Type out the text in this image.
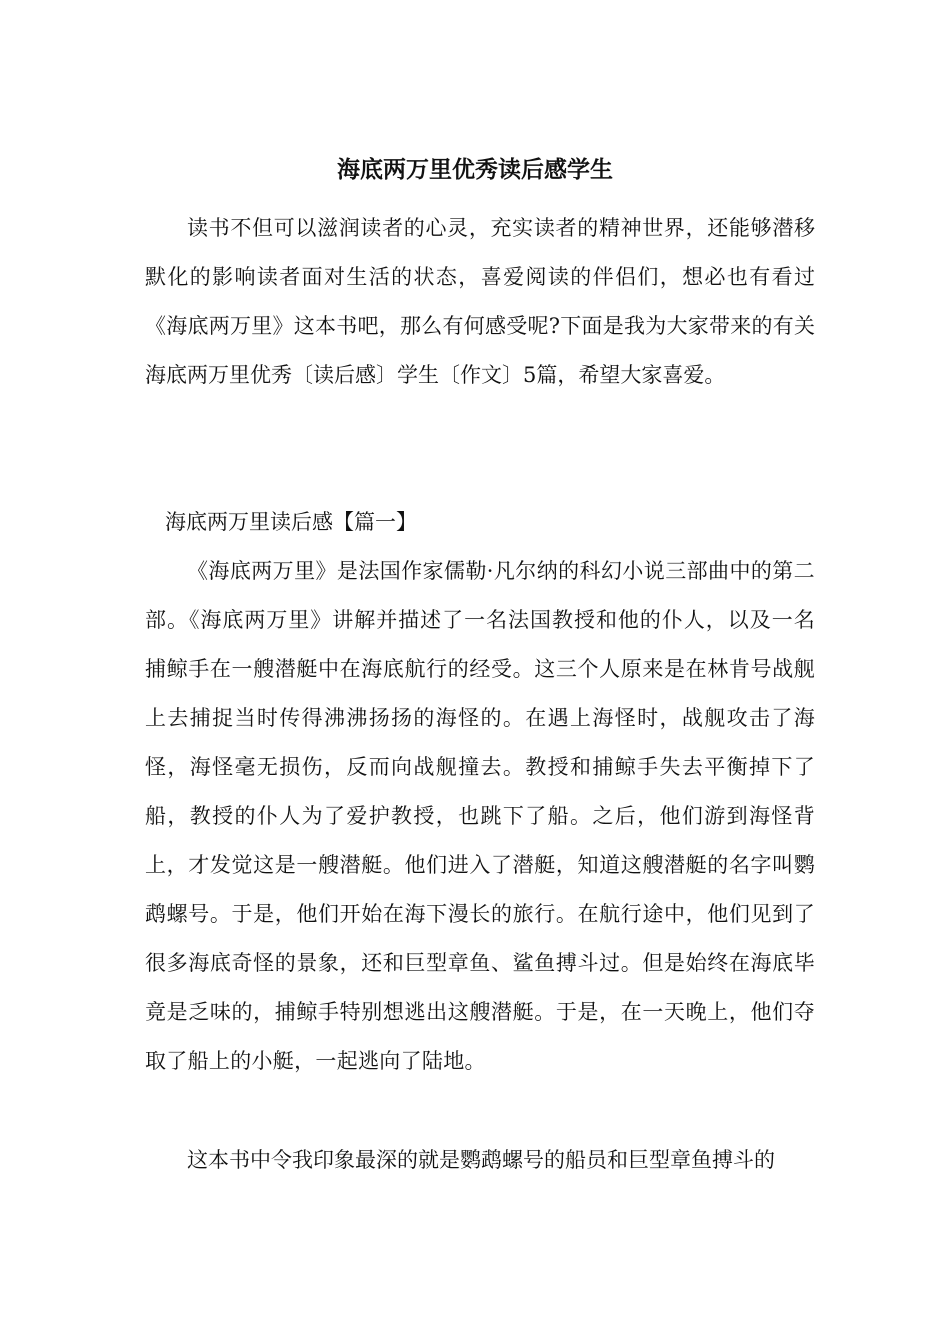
海底两万里优秀读后感学生

读书不但可以滋润读者的心灵，充实读者的精神世界，还能够潜移默化的影响读者面对生活的状态，喜爱阅读的伴侣们，想必也有看过《海底两万里》这本书吧，那么有何感受呢?下面是我为大家带来的有关海底两万里优秀〔读后感〕学生〔作文〕5篇，希望大家喜爱。

海底两万里读后感【篇一】

《海底两万里》是法国作家儒勒·凡尔纳的科幻小说三部曲中的第二部。《海底两万里》讲解并描述了一名法国教授和他的仆人，以及一名捕鲸手在一艘潜艇中在海底航行的经受。这三个人原来是在林肯号战舰上去捕捉当时传得沸沸扬扬的海怪的。在遇上海怪时，战舰攻击了海怪，海怪毫无损伤，反而向战舰撞去。教授和捕鲸手失去平衡掉下了船，教授的仆人为了爱护教授，也跳下了船。之后，他们游到海怪背上，才发觉这是一艘潜艇。他们进入了潜艇，知道这艘潜艇的名字叫鹦鹉螺号。于是，他们开始在海下漫长的旅行。在航行途中，他们见到了很多海底奇怪的景象，还和巨型章鱼、鲨鱼搏斗过。但是始终在海底毕竟是乏味的，捕鲸手特别想逃出这艘潜艇。于是，在一天晚上，他们夺取了船上的小艇，一起逃向了陆地。

这本书中令我印象最深的就是鹦鹉螺号的船员和巨型章鱼搏斗的
